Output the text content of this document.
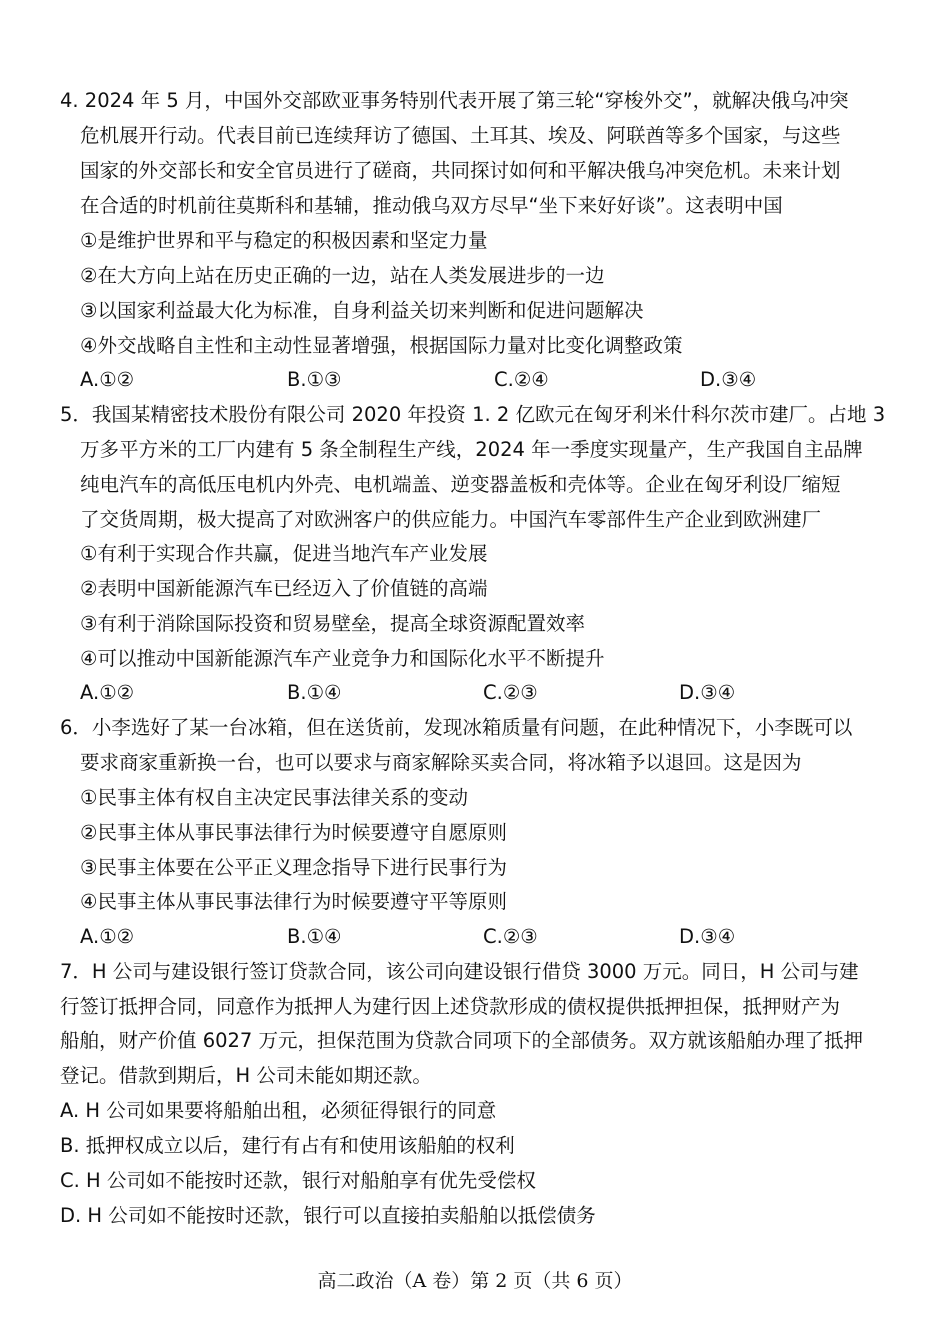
4. 2024 年 5 月，中国外交部欧亚事务特别代表开展了第三轮“穿梭外交”，就解决俄乌冲突
危机展开行动。代表目前已连续拜访了德国、土耳其、埃及、阿联酋等多个国家，与这些
国家的外交部长和安全官员进行了磋商，共同探讨如何和平解决俄乌冲突危机。未来计划
在合适的时机前往莫斯科和基辅，推动俄乌双方尽早“坐下来好好谈”。这表明中国
①是维护世界和平与稳定的积极因素和坚定力量
②在大方向上站在历史正确的一边，站在人类发展进步的一边
③以国家利益最大化为标准，自身利益关切来判断和促进问题解决
④外交战略自主性和主动性显著增强，根据国际力量对比变化调整政策
A.①②	B.①③	C.②④	D.③④
5．我国某精密技术股份有限公司 2020 年投资 1. 2 亿欧元在匈牙利米什科尔茨市建厂。占地 3
万多平方米的工厂内建有 5 条全制程生产线，2024 年一季度实现量产，生产我国自主品牌
纯电汽车的高低压电机内外壳、电机端盖、逆变器盖板和壳体等。企业在匈牙利设厂缩短
了交货周期，极大提高了对欧洲客户的供应能力。中国汽车零部件生产企业到欧洲建厂
①有利于实现合作共赢，促进当地汽车产业发展
②表明中国新能源汽车已经迈入了价值链的高端
③有利于消除国际投资和贸易壁垒，提高全球资源配置效率
④可以推动中国新能源汽车产业竞争力和国际化水平不断提升
A.①②	B.①④	C.②③	D.③④
6．小李选好了某一台冰箱，但在送货前，发现冰箱质量有问题，在此种情况下，小李既可以
要求商家重新换一台，也可以要求与商家解除买卖合同，将冰箱予以退回。这是因为
①民事主体有权自主决定民事法律关系的变动
②民事主体从事民事法律行为时候要遵守自愿原则
③民事主体要在公平正义理念指导下进行民事行为
④民事主体从事民事法律行为时候要遵守平等原则
A.①②	B.①④	C.②③	D.③④
7．H 公司与建设银行签订贷款合同，该公司向建设银行借贷 3000 万元。同日，H 公司与建
行签订抵押合同，同意作为抵押人为建行因上述贷款形成的债权提供抵押担保，抵押财产为
船舶，财产价值 6027 万元，担保范围为贷款合同项下的全部债务。双方就该船舶办理了抵押
登记。借款到期后，H 公司未能如期还款。
A. H 公司如果要将船舶出租，必须征得银行的同意
B. 抵押权成立以后，建行有占有和使用该船舶的权利
C. H 公司如不能按时还款，银行对船舶享有优先受偿权
D. H 公司如不能按时还款，银行可以直接拍卖船舶以抵偿债务
高二政治（A 卷）第 2 页（共 6 页）
